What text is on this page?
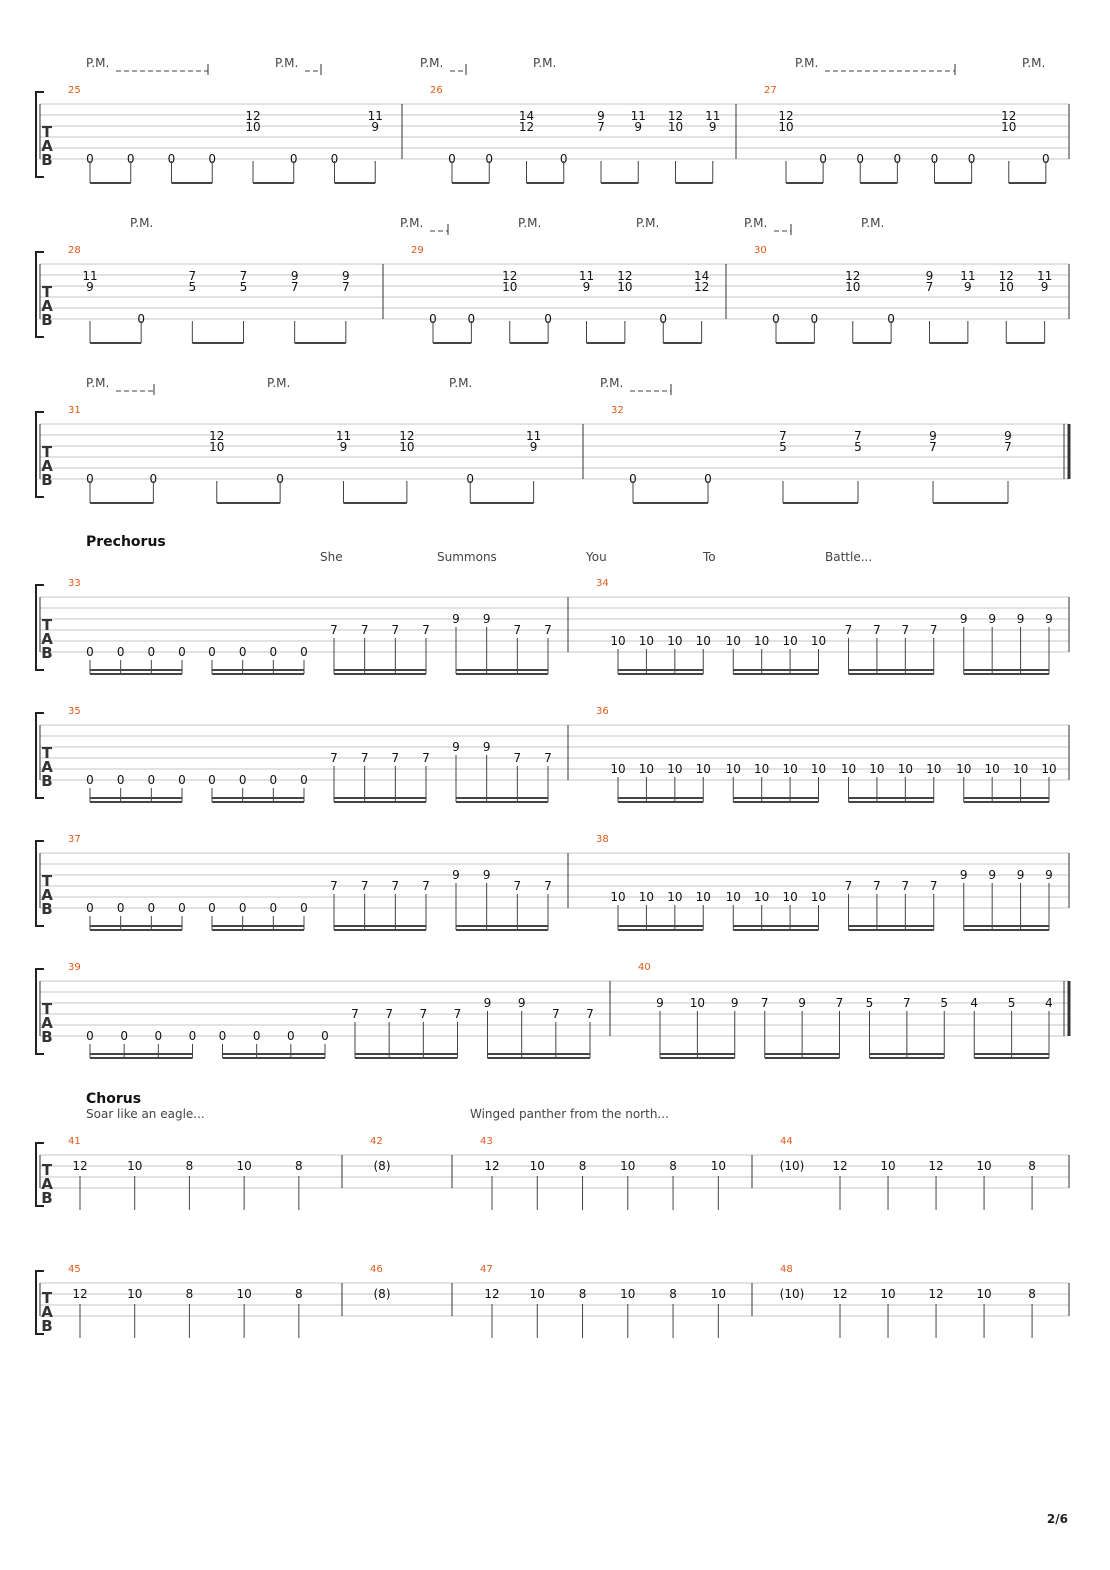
T
A
B
P.M.	P.M.	P.M.	P.M.	P.M.	P.M.
25
0	0	0	0
12
10
0	0
11
9
26
0 0
14
12
0
9
7
11
9
12
10
11
9
27
12
10
0 0 0 0 0
12
10
0
T
A
B
P.M.	P.M.	P.M.	P.M.	P.M.	P.M.
28
11
9
0
7
5
7
5
9
7
9
7
29
0	0
12
10
0
11
9
12
10
0
14
12
30
0	0
12
10
0
9
7
11
9
12
10
11
9
T
A
B
P.M.	P.M.	P.M.	P.M.
31
0	0
12
10
0
11
9
12
10
0
11
9
32
0	0
7
5
7
5
9
7
9
7
T
A
B
Prechorus
She	Summons	You	To	Battle...
33
0 0 0 0 0 0 0 0
7 7 7 7
9 9
7 7
34
10 10 10 10 10 10 10 10
7 7 7 7
9 9 9 9
T
A
B
35
0 0 0 0 0 0 0 0
7 7 7 7
9 9
7 7
36
10 10 10 10 10 10 10 10 10 10 10 10 10 10 10 10
T
A
B
37
0 0 0 0 0 0 0 0
7 7 7 7
9 9
7 7
38
10 10 10 10 10 10 10 10
7 7 7 7
9 9 9 9
T
A
B
39
0 0 0 0 0 0 0 0
7 7 7 7
9 9
7 7
40
9 10 9 7 9 7 5 7 5 4 5 4
T
A
B
Chorus
Soar like an eagle...	Winged panther from the north...
41
12	10	8	10	8
42
(8)
43
12 10	8	10	8	10
44
(10) 12	10	12	10	8
T
A
B
45
12	10	8	10	8
46
(8)
47
12 10	8	10	8	10
48
(10) 12	10	12	10	8
2/6
